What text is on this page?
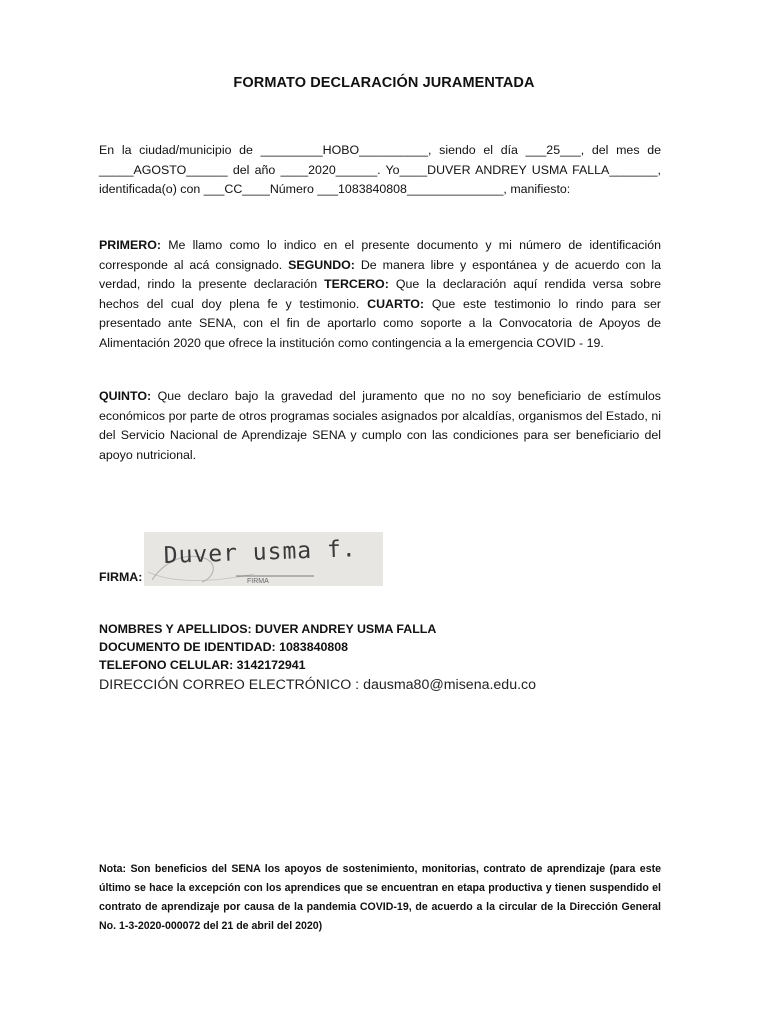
FORMATO DECLARACIÓN JURAMENTADA
En la ciudad/municipio de _________HOBO__________, siendo el día ___25___, del mes de _____AGOSTO______ del año ____2020______. Yo____DUVER ANDREY USMA FALLA_______, identificada(o) con ___CC____Número ___1083840808______________, manifiesto:
PRIMERO: Me llamo como lo indico en el presente documento y mi número de identificación corresponde al acá consignado. SEGUNDO: De manera libre y espontánea y de acuerdo con la verdad, rindo la presente declaración TERCERO: Que la declaración aquí rendida versa sobre hechos del cual doy plena fe y testimonio. CUARTO: Que este testimonio lo rindo para ser presentado ante SENA, con el fin de aportarlo como soporte a la Convocatoria de Apoyos de Alimentación 2020 que ofrece la institución como contingencia a la emergencia COVID - 19.
QUINTO: Que declaro bajo la gravedad del juramento que no no soy beneficiario de estímulos económicos por parte de otros programas sociales asignados por alcaldías, organismos del Estado, ni del Servicio Nacional de Aprendizaje SENA y cumplo con las condiciones para ser beneficiario del apoyo nutricional.
FIRMA:
Duver usma f.
FIRMA
NOMBRES Y APELLIDOS: DUVER ANDREY USMA FALLA
DOCUMENTO DE IDENTIDAD: 1083840808
TELEFONO CELULAR: 3142172941
DIRECCIÓN CORREO ELECTRÓNICO : dausma80@misena.edu.co
Nota: Son beneficios del SENA los apoyos de sostenimiento, monitorias, contrato de aprendizaje (para este último se hace la excepción con los aprendices que se encuentran en etapa productiva y tienen suspendido el contrato de aprendizaje por causa de la pandemia COVID-19, de acuerdo a la circular de la Dirección General No. 1-3-2020-000072 del 21 de abril del 2020)
